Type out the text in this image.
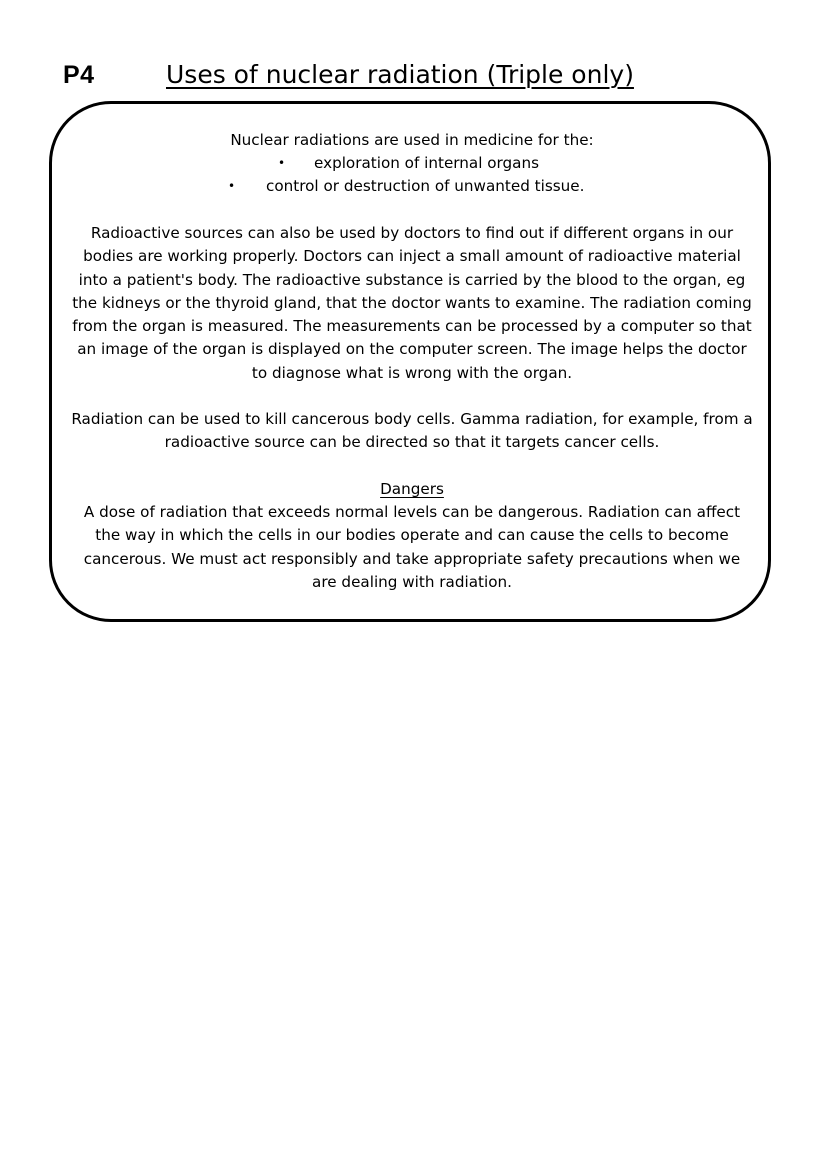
P4	Uses of nuclear radiation (Triple only)
Nuclear radiations are used in medicine for the:
• exploration of internal organs
• control or destruction of unwanted tissue.
Radioactive sources can also be used by doctors to find out if different organs in our bodies are working properly. Doctors can inject a small amount of radioactive material into a patient's body. The radioactive substance is carried by the blood to the organ, eg the kidneys or the thyroid gland, that the doctor wants to examine. The radiation coming from the organ is measured. The measurements can be processed by a computer so that an image of the organ is displayed on the computer screen. The image helps the doctor to diagnose what is wrong with the organ.
Radiation can be used to kill cancerous body cells. Gamma radiation, for example, from a radioactive source can be directed so that it targets cancer cells.
Dangers
A dose of radiation that exceeds normal levels can be dangerous. Radiation can affect the way in which the cells in our bodies operate and can cause the cells to become cancerous. We must act responsibly and take appropriate safety precautions when we are dealing with radiation.
